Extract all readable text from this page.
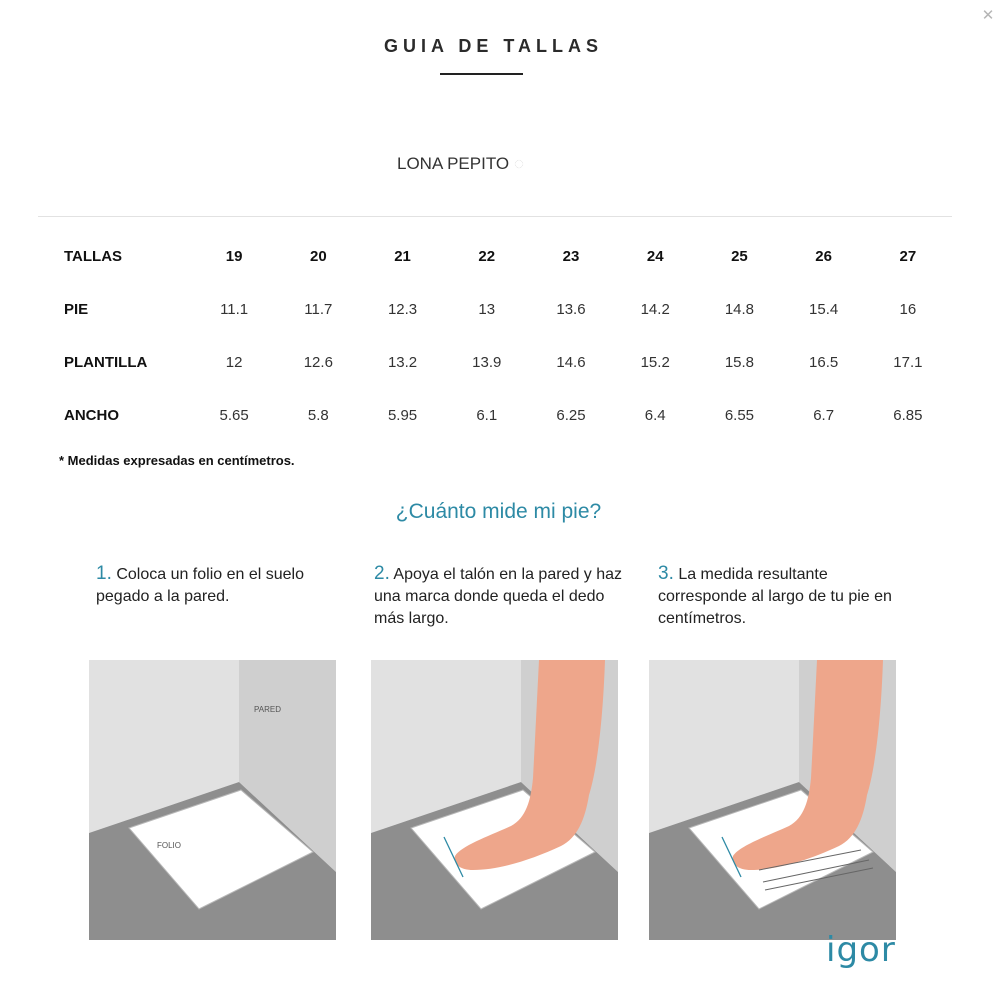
✕
GUIA DE TALLAS
LONA PEPITO ◌
TALLAS	19	20	21	22	23	24	25	26	27
PIE	11.1	11.7	12.3	13	13.6	14.2	14.8	15.4	16
PLANTILLA	12	12.6	13.2	13.9	14.6	15.2	15.8	16.5	17.1
ANCHO	5.65	5.8	5.95	6.1	6.25	6.4	6.55	6.7	6.85
* Medidas expresadas en centímetros.
¿Cuánto mide mi pie?
1. Coloca un folio en el suelo pegado a la pared.
2. Apoya el talón en la pared y haz una marca donde queda el dedo más largo.
3. La medida resultante corresponde al largo de tu pie en centímetros.
PARED
FOLIO
igor
